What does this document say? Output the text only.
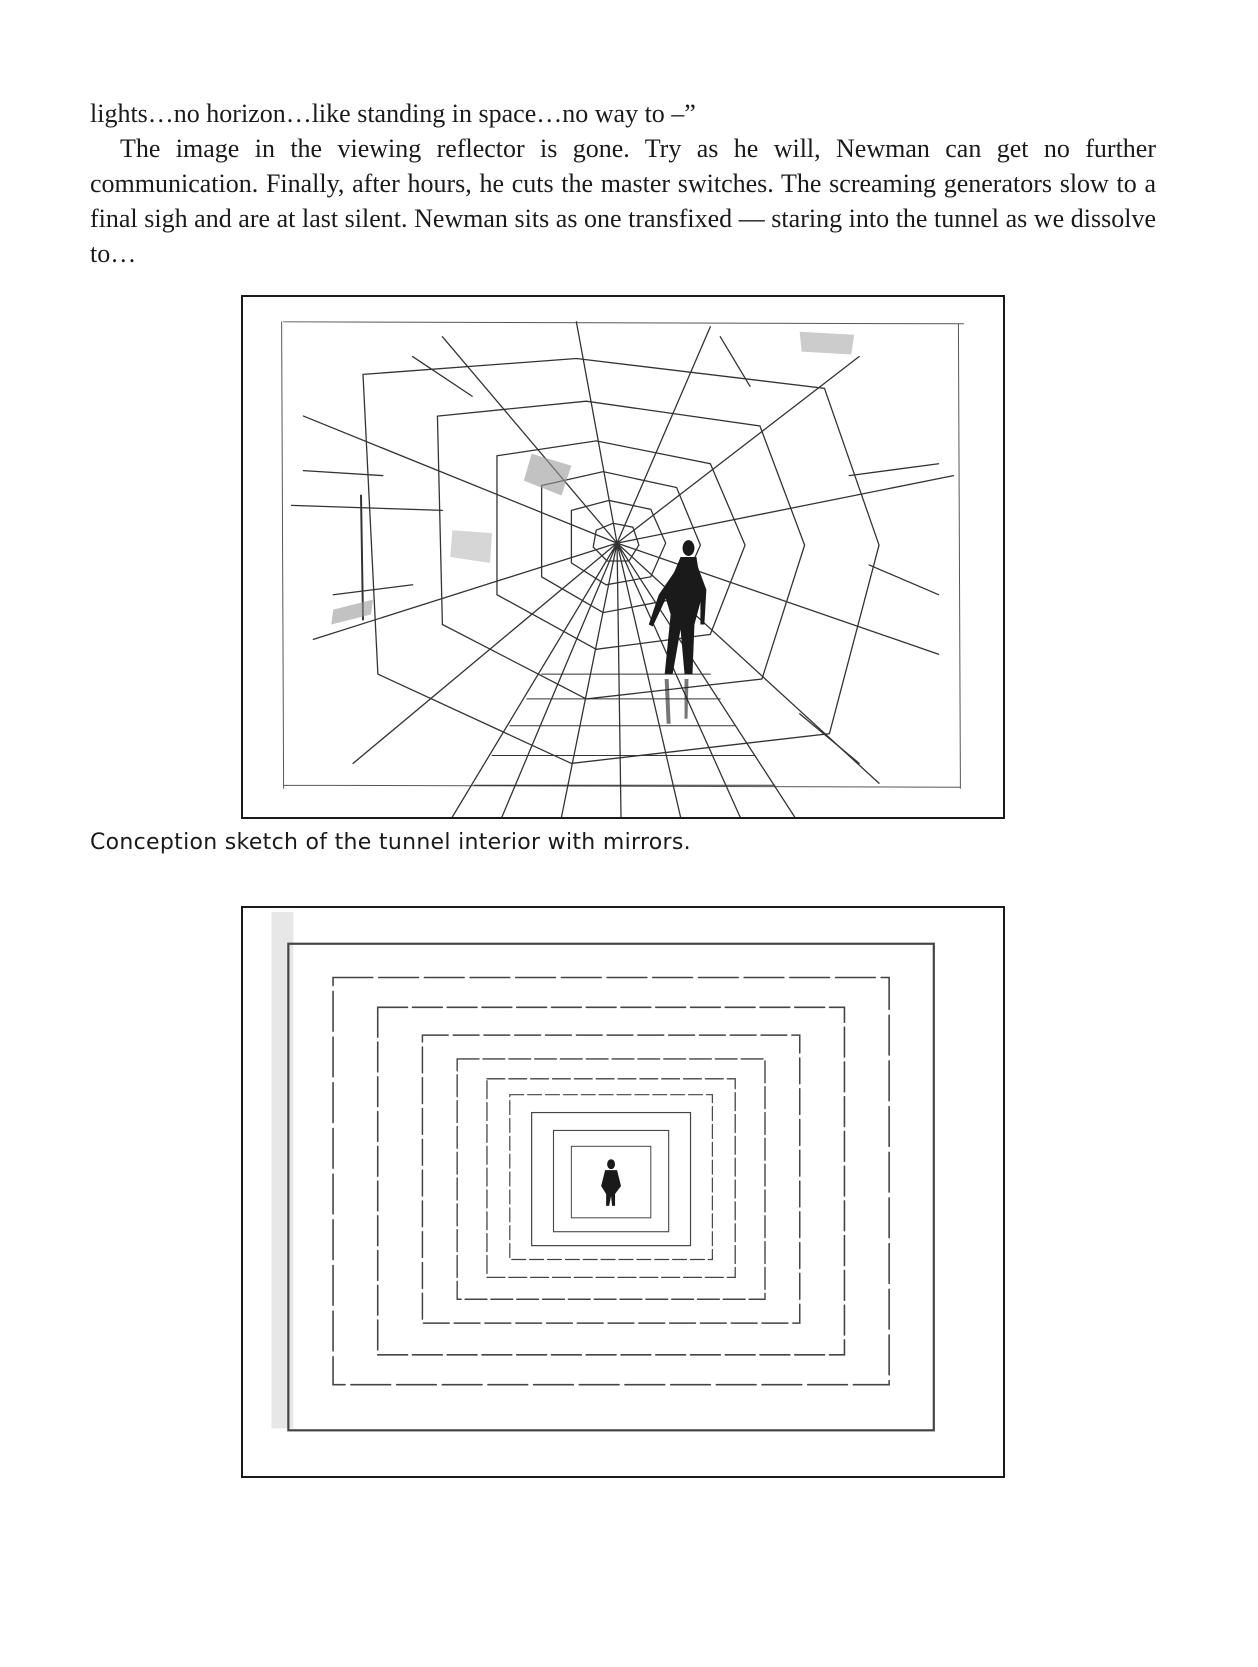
lights…no horizon…like standing in space…no way to –”

The image in the viewing reflector is gone. Try as he will, Newman can get no further communication. Finally, after hours, he cuts the master switches. The screaming generators slow to a final sigh and are at last silent. Newman sits as one transfixed — staring into the tunnel as we dissolve to…

Conception sketch of the tunnel interior with mirrors.
